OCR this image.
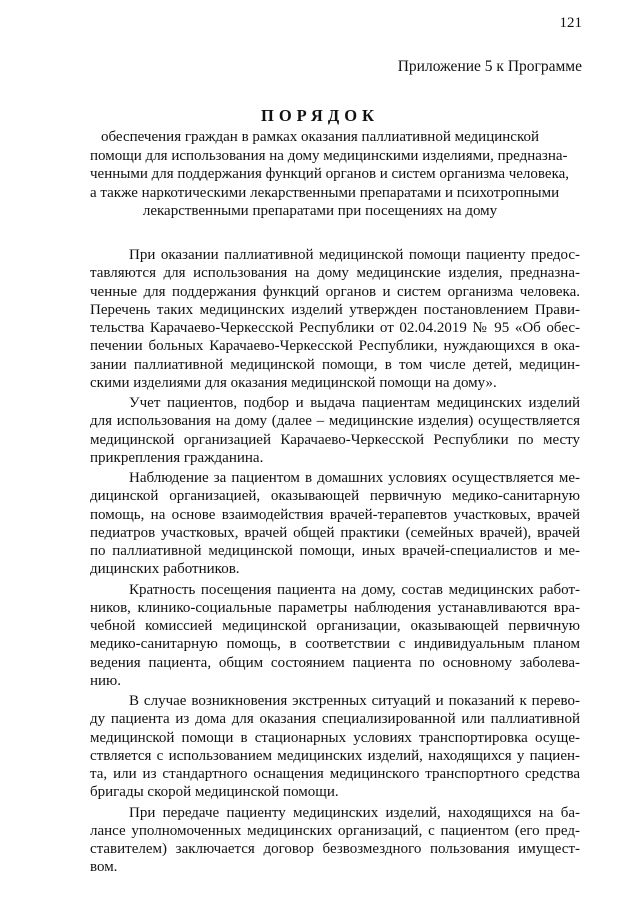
121
Приложение 5 к Программе
ПОРЯДОК
обеспечения граждан в рамках оказания паллиативной медицинской
помощи для использования на дому медицинскими изделиями, предназна-
ченными для поддержания функций органов и систем организма человека,
а также наркотическими лекарственными препаратами и психотропными
лекарственными препаратами при посещениях на дому
При оказании паллиативной медицинской помощи пациенту предос-
тавляются для использования на дому медицинские изделия, предназна-
ченные для поддержания функций органов и систем организма человека.
Перечень таких медицинских изделий утвержден постановлением Прави-
тельства Карачаево-Черкесской Республики от 02.04.2019 № 95 «Об обес-
печении больных Карачаево-Черкесской Республики, нуждающихся в ока-
зании паллиативной медицинской помощи, в том числе детей, медицин-
скими изделиями для оказания медицинской помощи на дому».
Учет пациентов, подбор и выдача пациентам медицинских изделий
для использования на дому (далее – медицинские изделия) осуществляется
медицинской организацией Карачаево-Черкесской Республики по месту
прикрепления гражданина.
Наблюдение за пациентом в домашних условиях осуществляется ме-
дицинской организацией, оказывающей первичную медико-санитарную
помощь, на основе взаимодействия врачей-терапевтов участковых, врачей
педиатров участковых, врачей общей практики (семейных врачей), врачей
по паллиативной медицинской помощи, иных врачей-специалистов и ме-
дицинских работников.
Кратность посещения пациента на дому, состав медицинских работ-
ников, клинико-социальные параметры наблюдения устанавливаются вра-
чебной комиссией медицинской организации, оказывающей первичную
медико-санитарную помощь, в соответствии с индивидуальным планом
ведения пациента, общим состоянием пациента по основному заболева-
нию.
В случае возникновения экстренных ситуаций и показаний к перево-
ду пациента из дома для оказания специализированной или паллиативной
медицинской помощи в стационарных условиях транспортировка осуще-
ствляется с использованием медицинских изделий, находящихся у пациен-
та, или из стандартного оснащения медицинского транспортного средства
бригады скорой медицинской помощи.
При передаче пациенту медицинских изделий, находящихся на ба-
лансе уполномоченных медицинских организаций, с пациентом (его пред-
ставителем) заключается договор безвозмездного пользования имущест-
вом.
